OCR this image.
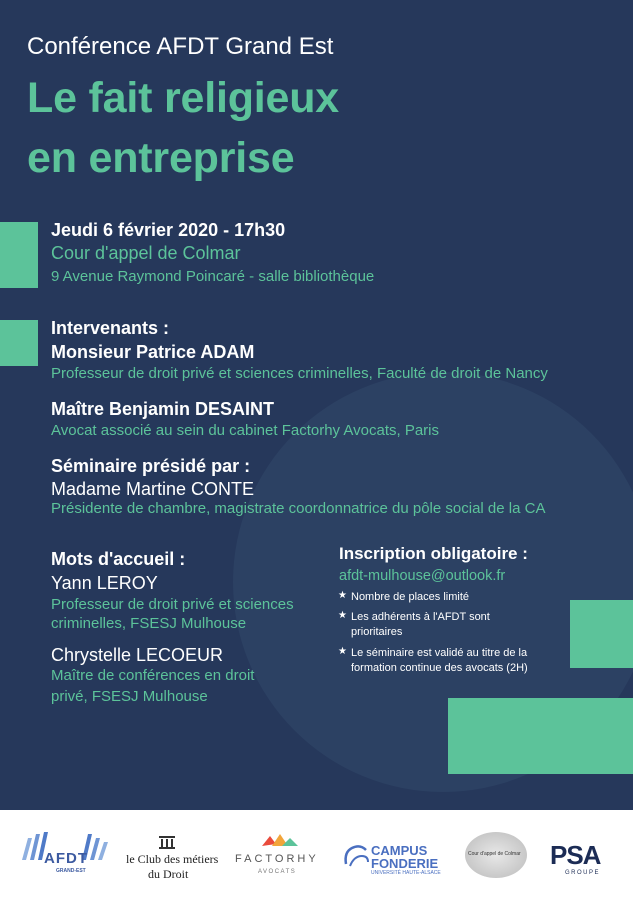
Conférence AFDT Grand Est
Le fait religieux
en entreprise
Jeudi 6 février 2020 - 17h30
Cour d'appel de Colmar
9 Avenue Raymond Poincaré - salle bibliothèque
Intervenants :
Monsieur Patrice ADAM
Professeur de droit privé et sciences criminelles, Faculté de droit de Nancy
Maître Benjamin DESAINT
Avocat associé au sein du cabinet Factorhy Avocats, Paris
Séminaire présidé par :
Madame Martine CONTE
Présidente de chambre, magistrate coordonnatrice du pôle social de la CA
Mots d'accueil :
Yann LEROY
Professeur de droit privé et sciences
criminelles, FSESJ Mulhouse
Chrystelle LECOEUR
Maître de conférences en droit
privé, FSESJ Mulhouse
Inscription obligatoire :
afdt-mulhouse@outlook.fr
★ Nombre de places limité
★ Les adhérents à l'AFDT sont prioritaires
★ Le séminaire est validé au titre de la formation continue des avocats (2H)
AFDT
GRAND-EST
le Club des métiers
du Droit
FACTORHY
AVOCATS
CAMPUS
FONDERIE
UNIVERSITÉ HAUTE-ALSACE
Cour d'appel de Colmar PSA
GROUPE
